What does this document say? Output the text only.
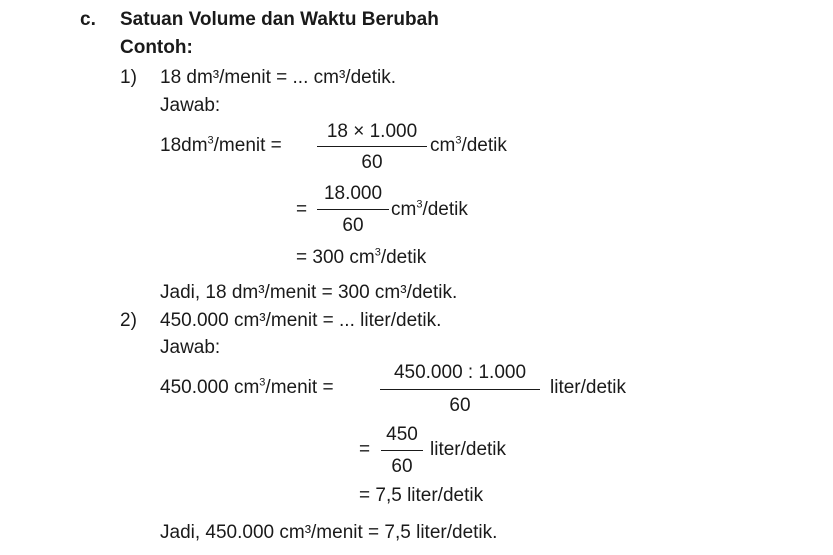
c. Satuan Volume dan Waktu Berubah
Contoh:
1) 18 dm³/menit = ... cm³/detik.
Jawab:
$18dm^3$/menit =
18 × 1.000
60
$cm^3$/detik
=
18.000
60
$cm^3$/detik
= 300 $cm^3$/detik
Jadi, 18 dm³/menit = 300 cm³/detik.
2) 450.000 cm³/menit = ... liter/detik.
Jawab:
450.000 $cm^3$/menit =
450.000 : 1.000
60
liter/detik
=
450
60
liter/detik
= 7,5 liter/detik
Jadi, 450.000 cm³/menit = 7,5 liter/detik.
